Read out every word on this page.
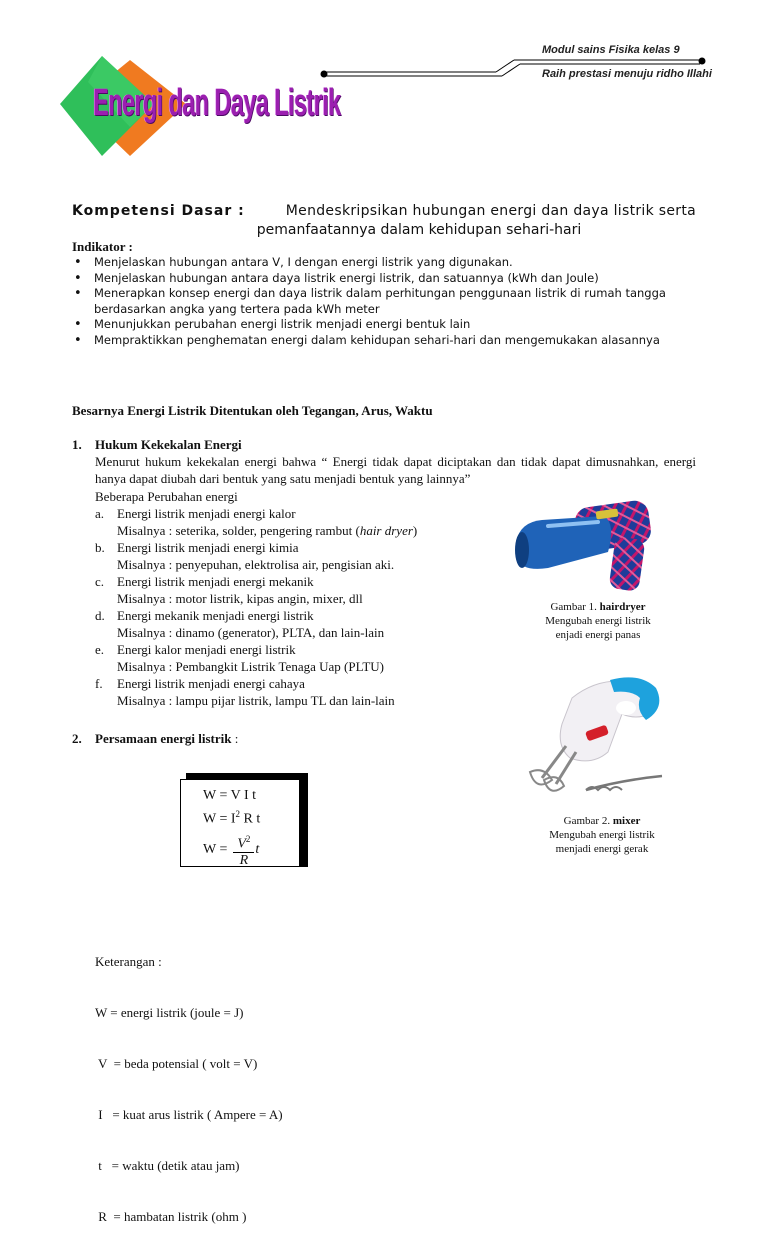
Modul sains Fisika kelas 9
Raih prestasi menuju ridho Illahi
Energi dan Daya Listrik
Kompetensi Dasar :	Mendeskripsikan hubungan energi dan daya listrik serta
pemanfaatannya dalam kehidupan sehari-hari
Indikator :
• Menjelaskan hubungan antara V, I dengan energi listrik yang digunakan.
• Menjelaskan hubungan antara daya listrik energi listrik, dan satuannya (kWh dan Joule)
• Menerapkan konsep energi dan daya listrik dalam perhitungan penggunaan listrik di rumah tangga berdasarkan angka yang tertera pada kWh meter
• Menunjukkan perubahan energi listrik menjadi energi bentuk lain
• Mempraktikkan penghematan energi dalam kehidupan sehari-hari dan mengemukakan alasannya
Besarnya Energi Listrik Ditentukan oleh Tegangan, Arus, Waktu
1. Hukum Kekekalan Energi
Menurut hukum kekekalan energi bahwa “ Energi tidak dapat diciptakan dan tidak dapat dimusnahkan, energi hanya dapat diubah dari bentuk yang satu menjadi bentuk yang lainnya”
Beberapa Perubahan energi
a. Energi listrik menjadi energi kalor
Misalnya : seterika, solder, pengering rambut (hair dryer)
b. Energi listrik menjadi energi kimia
Misalnya : penyepuhan, elektrolisa air, pengisian aki.
c. Energi listrik menjadi energi mekanik
Misalnya : motor listrik, kipas angin, mixer, dll
d. Energi mekanik menjadi energi listrik
Misalnya : dinamo (generator), PLTA, dan lain-lain
e. Energi kalor menjadi energi listrik
Misalnya : Pembangkit Listrik Tenaga Uap (PLTU)
f.	Energi listrik menjadi energi cahaya
Misalnya : lampu pijar listrik, lampu TL dan lain-lain
Gambar 1. hairdryer
Mengubah energi listrik
enjadi energi panas
2. Persamaan energi listrik :
W = V I t
$W = I^2$ R t
$W = \frac{V^2}{R}$ t
Gambar 2. mixer
Mengubah energi listrik
menjadi energi gerak

Keterangan :

W = energi listrik (joule = J)

V  = beda potensial ( volt = V)

I   = kuat arus listrik ( Ampere = A)

t   = waktu (detik atau jam)

R  = hambatan listrik (ohm )
